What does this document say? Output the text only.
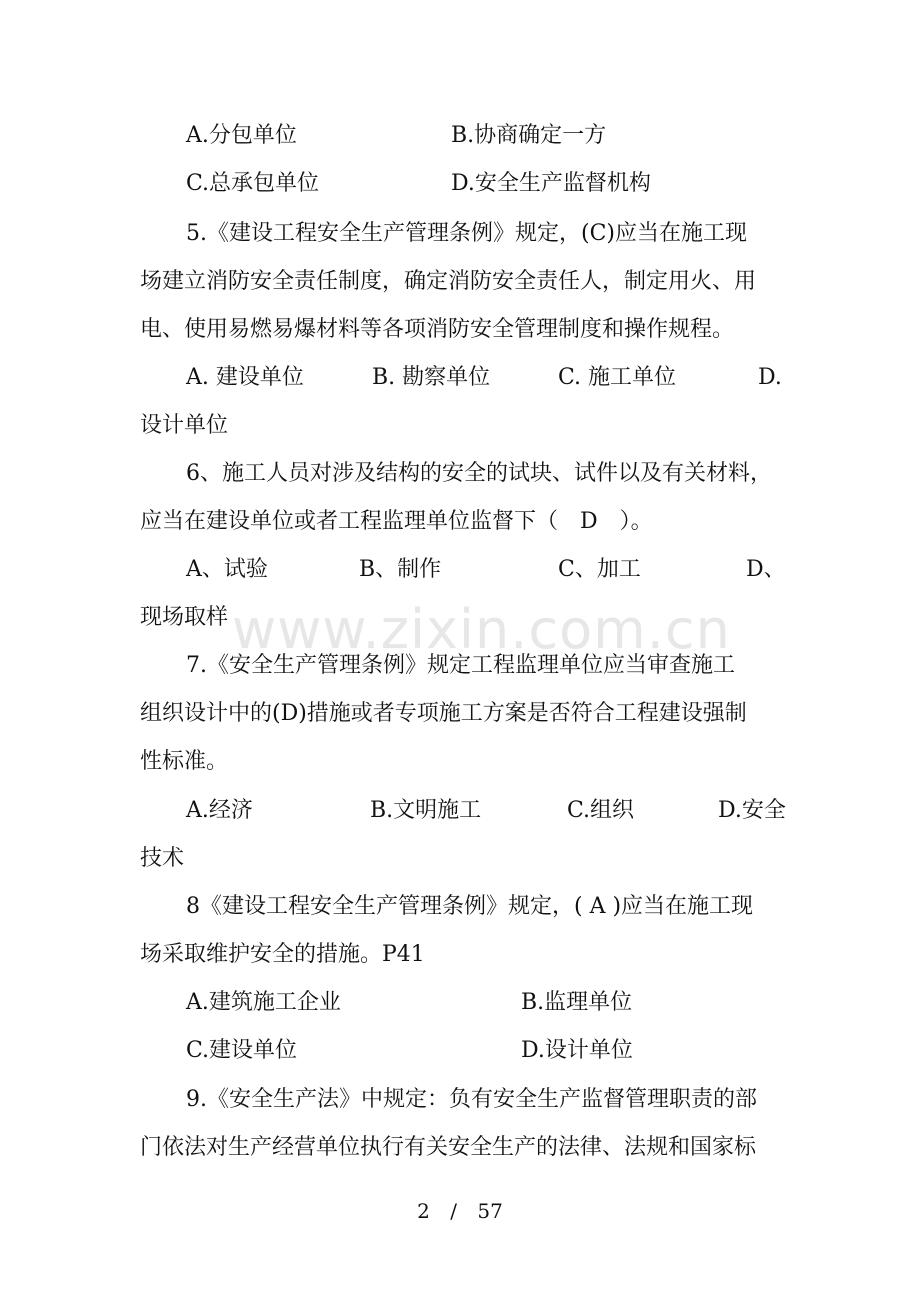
www.zixin.com.cn
A.分包单位	B.协商确定一方
C.总承包单位	D.安全生产监督机构
5.《建设工程安全生产管理条例》规定，(C)应当在施工现
场建立消防安全责任制度，确定消防安全责任人，制定用火、用
电、使用易燃易爆材料等各项消防安全管理制度和操作规程。
A. 建设单位	B. 勘察单位	C. 施工单位	D.
设计单位
6、施工人员对涉及结构的安全的试块、试件以及有关材料，
应当在建设单位或者工程监理单位监督下（　D　）。
A、试验	B、制作	C、加工	D、
现场取样
7.《安全生产管理条例》规定工程监理单位应当审查施工
组织设计中的(D)措施或者专项施工方案是否符合工程建设强制
性标准。
A.经济	B.文明施工	C.组织	D.安全
技术
8《建设工程安全生产管理条例》规定，( A )应当在施工现
场采取维护安全的措施。P41
A.建筑施工企业	B.监理单位
C.建设单位	D.设计单位
9.《安全生产法》中规定：负有安全生产监督管理职责的部
门依法对生产经营单位执行有关安全生产的法律、法规和国家标
2 / 57
